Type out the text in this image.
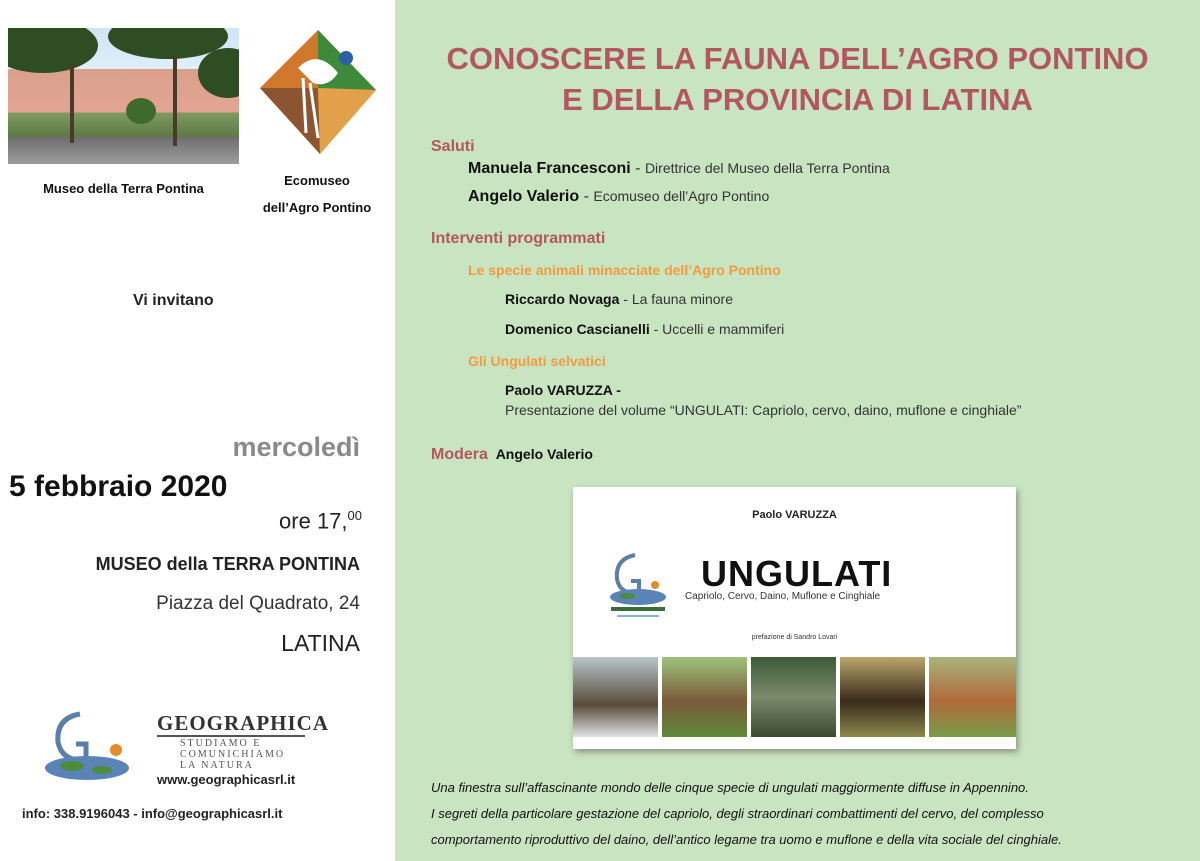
Museo della Terra Pontina
Ecomuseo
dell’Agro Pontino
Vi invitano
mercoledì
5 febbraio 2020
ore 17,00
MUSEO della TERRA PONTINA
Piazza del Quadrato, 24
LATINA
GEOGRAPHICA
STUDIAMO E
COMUNICHIAMO
LA NATURA
www.geographicasrl.it
info: 338.9196043 - info@geographicasrl.it
CONOSCERE LA FAUNA DELL’AGRO PONTINO
E DELLA PROVINCIA DI LATINA
Saluti
Manuela Francesconi - Direttrice del Museo della Terra Pontina
Angelo Valerio - Ecomuseo dell’Agro Pontino
Interventi programmati
Le specie animali minacciate dell’Agro Pontino
Riccardo Novaga - La fauna minore
Domenico Cascianelli - Uccelli e mammiferi
Gli Ungulati selvatici
Paolo VARUZZA -
Presentazione del volume “UNGULATI: Capriolo, cervo, daino, muflone e cinghiale”
Modera Angelo Valerio
Paolo VARUZZA
UNGULATI
Capriolo, Cervo, Daino, Muflone e Cinghiale
prefazione di Sandro Lovari
Una finestra sull’affascinante mondo delle cinque specie di ungulati maggiormente diffuse in Appennino.
I segreti della particolare gestazione del capriolo, degli straordinari combattimenti del cervo, del complesso
comportamento riproduttivo del daino, dell’antico legame tra uomo e muflone e della vita sociale del cinghiale.
